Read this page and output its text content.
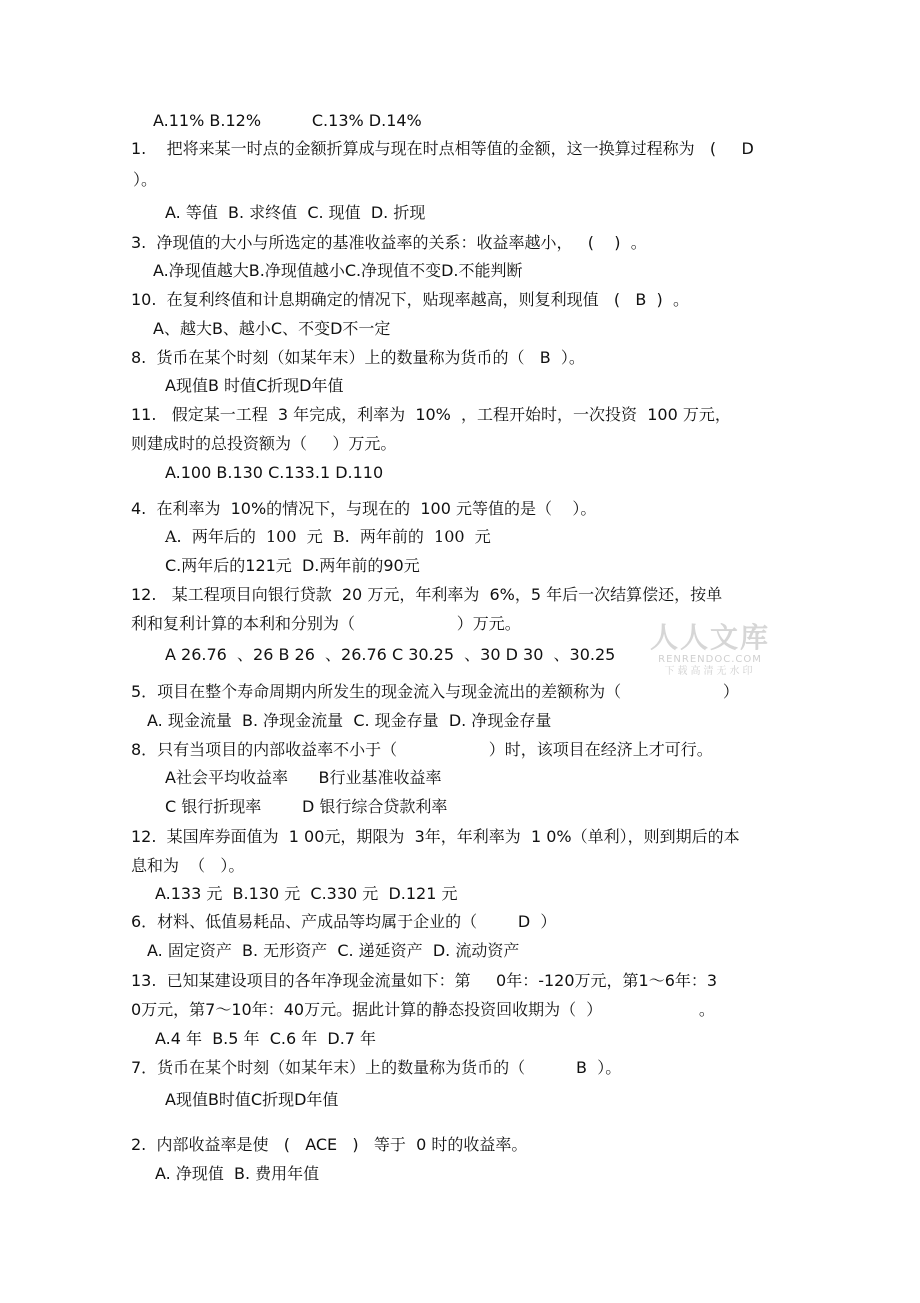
A.11% B.12%          C.13% D.14%
1.    把将来某一时点的金额折算成与现在时点相等值的金额，这一换算过程称为   (     D
）。
A. 等值  B. 求终值  C. 现值  D. 折现
3.  净现值的大小与所选定的基准收益率的关系：收益率越小，   (    )  。
A.净现值越大B.净现值越小C.净现值不变D.不能判断
10.  在复利终值和计息期确定的情况下，贴现率越高，则复利现值   (   B  )  。
A、越大B、越小C、不变D不一定
8.  货币在某个时刻（如某年末）上的数量称为货币的（   B  ）。
A现值B 时值C折现D年值
11.   假定某一工程  3 年完成，利率为  10%  ，工程开始时，一次投资  100 万元，
则建成时的总投资额为（     ）万元。
A.100 B.130 C.133.1 D.110
4.  在利率为  10%的情况下，与现在的  100 元等值的是（    ）。
A.  两年后的  100  元  B.  两年前的  100  元
C.两年后的121元  D.两年前的90元
12.   某工程项目向银行贷款  20 万元，年利率为  6%，5 年后一次结算偿还，按单
利和复利计算的本利和分别为（                    ）万元。
A 26.76  、26 B 26  、26.76 C 30.25  、30 D 30  、30.25
5．项目在整个寿命周期内所发生的现金流入与现金流出的差额称为（                    ）
A. 现金流量  B. 净现金流量  C. 现金存量  D. 净现金存量
8．只有当项目的内部收益率不小于（                  ）时，该项目在经济上才可行。
A社会平均收益率      B行业基准收益率
C 银行折现率        D 银行综合贷款利率
12.  某国库券面值为  1 00元，期限为  3年，年利率为  1 0%（单利），则到期后的本
息和为  （   ）。
A.133 元  B.130 元  C.330 元  D.121 元
6．材料、低值易耗品、产成品等均属于企业的（        D  ）
A. 固定资产  B. 无形资产  C. 递延资产  D. 流动资产
13.  已知某建设项目的各年净现金流量如下：第     0年：-120万元，第1～6年：3
0万元，第7～10年：40万元。据此计算的静态投资回收期为（  ）                   。
A.4 年  B.5 年  C.6 年  D.7 年
7．货币在某个时刻（如某年末）上的数量称为货币的（          B  ）。
A现值B时值C折现D年值
2.  内部收益率是使   (   ACE   )   等于  0 时的收益率。
A. 净现值  B. 费用年值
人人文库
RENRENDOC.COM
下载高清无水印
